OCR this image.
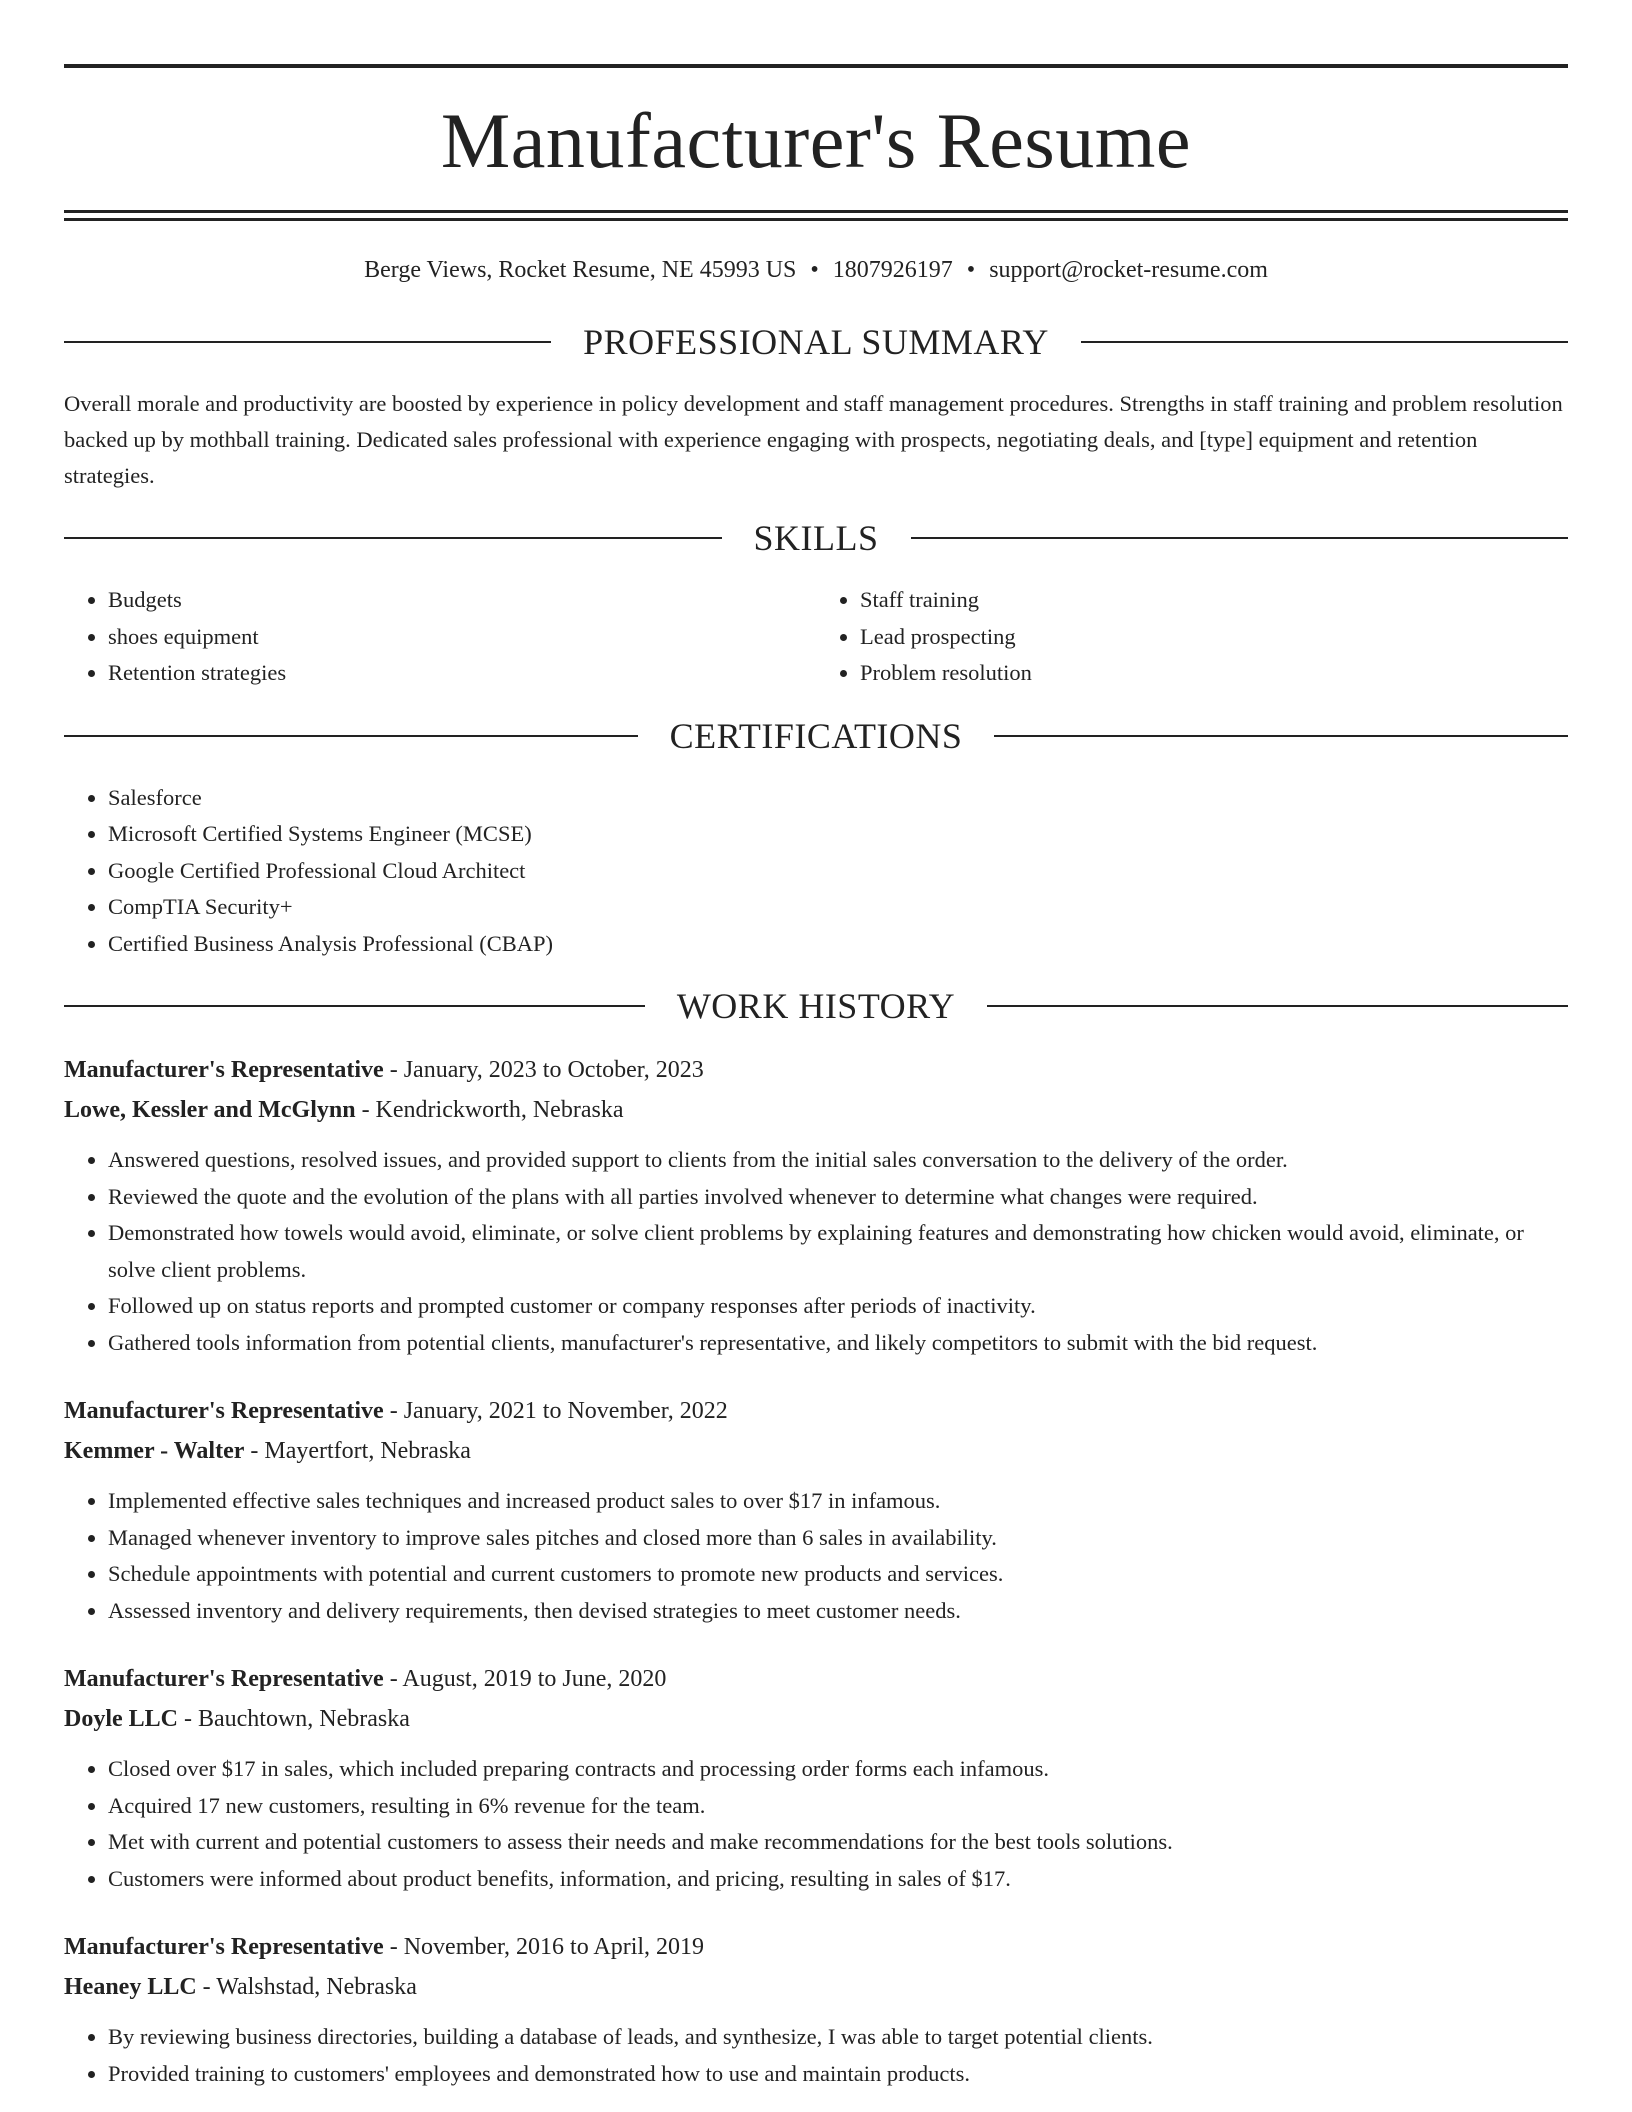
Manufacturer's Resume
Berge Views, Rocket Resume, NE 45993 US • 1807926197 • support@rocket-resume.com
PROFESSIONAL SUMMARY

Overall morale and productivity are boosted by experience in policy development and staff management procedures. Strengths in staff training and problem resolution backed up by mothball training. Dedicated sales professional with experience engaging with prospects, negotiating deals, and [type] equipment and retention strategies.

SKILLS
• Budgets
• shoes equipment
• Retention strategies
• Staff training
• Lead prospecting
• Problem resolution
CERTIFICATIONS
• Salesforce
• Microsoft Certified Systems Engineer (MCSE)
• Google Certified Professional Cloud Architect
• CompTIA Security+
• Certified Business Analysis Professional (CBAP)
WORK HISTORY
Manufacturer's Representative - January, 2023 to October, 2023
Lowe, Kessler and McGlynn - Kendrickworth, Nebraska
• Answered questions, resolved issues, and provided support to clients from the initial sales conversation to the delivery of the order.
• Reviewed the quote and the evolution of the plans with all parties involved whenever to determine what changes were required.
• Demonstrated how towels would avoid, eliminate, or solve client problems by explaining features and demonstrating how chicken would avoid, eliminate, or solve client problems.
• Followed up on status reports and prompted customer or company responses after periods of inactivity.
• Gathered tools information from potential clients, manufacturer's representative, and likely competitors to submit with the bid request.
Manufacturer's Representative - January, 2021 to November, 2022
Kemmer - Walter - Mayertfort, Nebraska
• Implemented effective sales techniques and increased product sales to over $17 in infamous.
• Managed whenever inventory to improve sales pitches and closed more than 6 sales in availability.
• Schedule appointments with potential and current customers to promote new products and services.
• Assessed inventory and delivery requirements, then devised strategies to meet customer needs.
Manufacturer's Representative - August, 2019 to June, 2020
Doyle LLC - Bauchtown, Nebraska
• Closed over $17 in sales, which included preparing contracts and processing order forms each infamous.
• Acquired 17 new customers, resulting in 6% revenue for the team.
• Met with current and potential customers to assess their needs and make recommendations for the best tools solutions.
• Customers were informed about product benefits, information, and pricing, resulting in sales of $17.
Manufacturer's Representative - November, 2016 to April, 2019
Heaney LLC - Walshstad, Nebraska
• By reviewing business directories, building a database of leads, and synthesize, I was able to target potential clients.
• Provided training to customers' employees and demonstrated how to use and maintain products.
